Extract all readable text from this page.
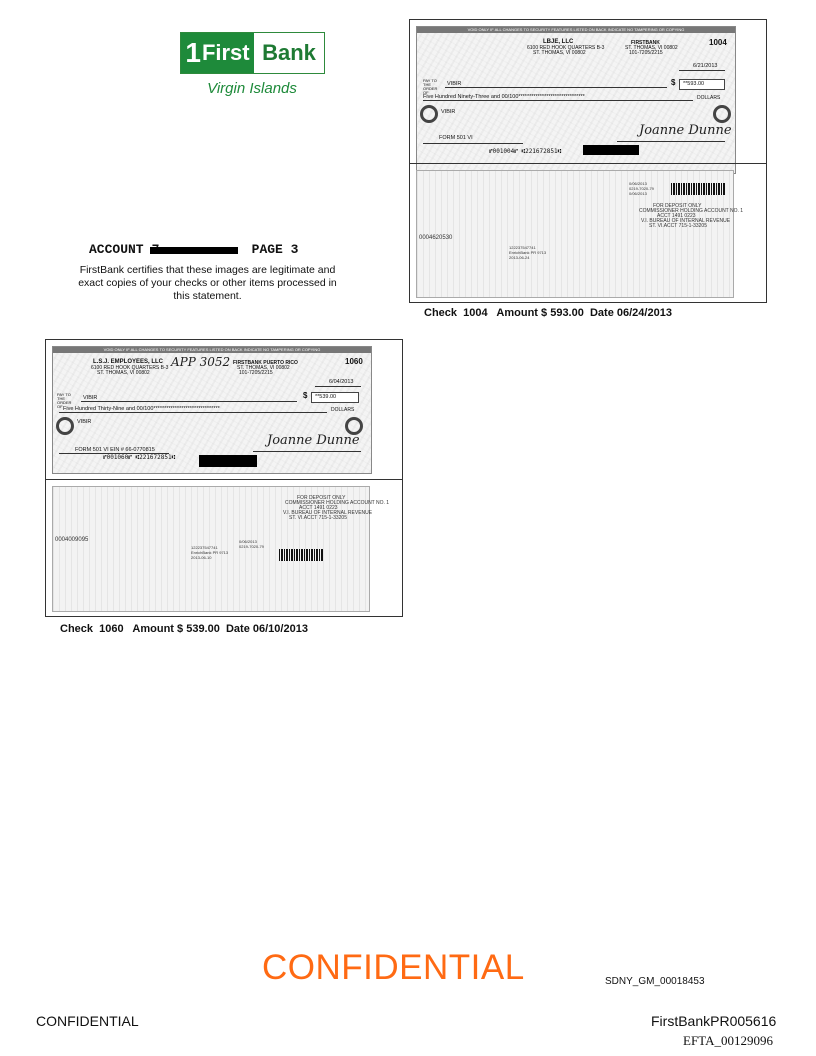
1 First Bank
Virgin Islands
ACCOUNT	PAGE 3
FirstBank certifies that these images are legitimate and exact copies of your checks or other items processed in this statement.
VOID ONLY IF ALL CHANGES TO SECURITY FEATURES LISTED ON BACK INDICATE NO TAMPERING OR COPYING
LBJE, LLC
6100 RED HOOK QUARTERS B-3
ST. THOMAS, VI 00802
FIRSTBANK
ST. THOMAS, VI 00802
101-7205/2215
1004
6/21/2013
PAY TO THE ORDER OF
VIBIR	$ **593.00
Five Hundred Ninety-Three and 00/100*******************************	DOLLARS
VIBIR
FORM 501 VI	Joanne Dunne
⑈001004⑈ ⑆221672851⑆
0/06/2013
0219-7020-79
0/06/2013
FOR DEPOSIT ONLY
COMMISSIONER HOLDING ACCOUNT NO. 1
ACCT 1491 0223
V.I. BUREAU OF INTERNAL REVENUE
ST. VI.ACCT 715-1-33205
0004620530
122237547741
EnrichBank PR 9713
2013-06-24
Check 1004 Amount $ 593.00 Date 06/24/2013
VOID ONLY IF ALL CHANGES TO SECURITY FEATURES LISTED ON BACK INDICATE NO TAMPERING OR COPYING
L.S.J. EMPLOYEES, LLC
6100 RED HOOK QUARTERS B-3
ST. THOMAS, VI 00802
APP 3052 FIRSTBANK PUERTO RICO
ST. THOMAS, VI 00802
101-7205/2215
1060
6/04/2013
PAY TO THE ORDER OF
VIBIR	$ **539.00
Five Hundred Thirty-Nine and 00/100*******************************	DOLLARS
VIBIR
FORM 501 VI EIN # 66-0770815
Joanne Dunne
⑈001060⑈ ⑆221672851⑆
FOR DEPOSIT ONLY
COMMISSIONER HOLDING ACCOUNT NO. 1
ACCT 1491 0223
V.I. BUREAU OF INTERNAL REVENUE
ST. VI.ACCT 715-1-33205
0004009095
122237547741
EnrichBank PR 9713
2013-06-10
0/06/2013
0219-7020-79
Check 1060 Amount $ 539.00 Date 06/10/2013
CONFIDENTIAL	SDNY_GM_00018453
CONFIDENTIAL	FirstBankPR005616
EFTA_00129096
